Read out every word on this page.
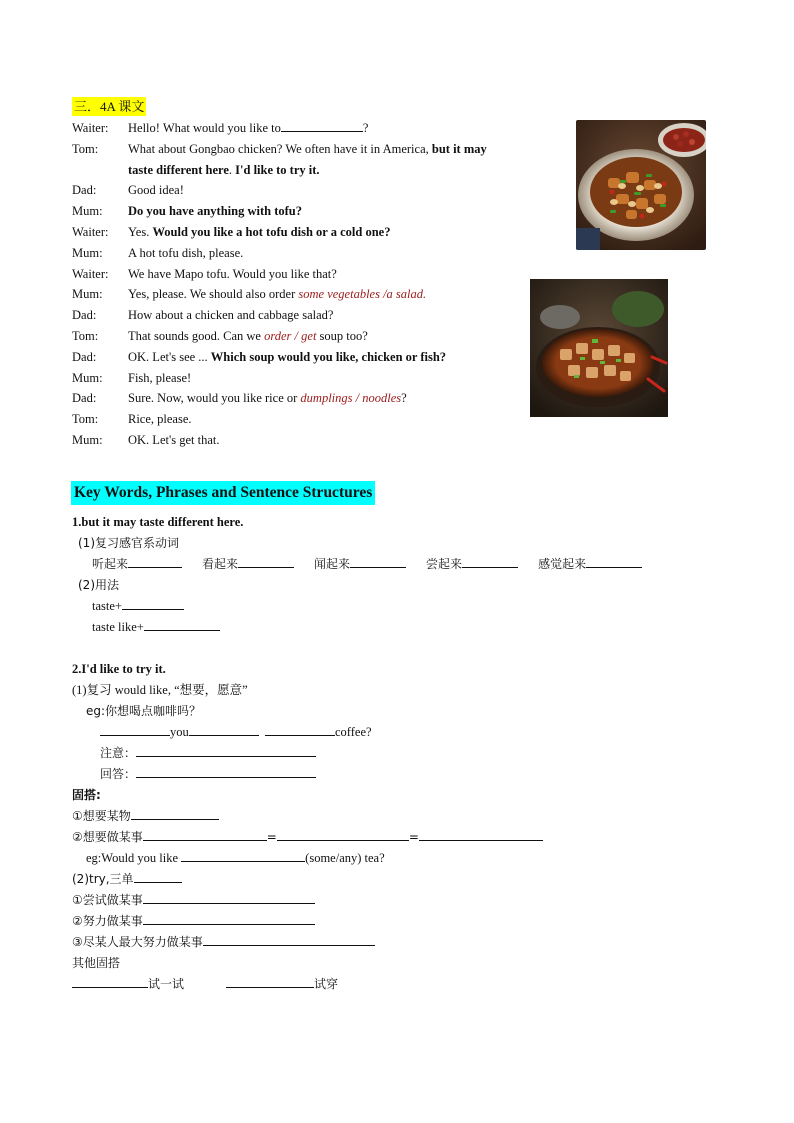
三．4A 课文
Waiter:	Hello! What would you like to	?
Tom:	What about Gongbao chicken? We often have it in America, but it may
taste different here. I'd like to try it.
Dad:	Good idea!
Mum:	Do you have anything with tofu?
Waiter:	Yes. Would you like a hot tofu dish or a cold one?
Mum:	A hot tofu dish, please.
Waiter:	We have Mapo tofu. Would you like that?
Mum:	Yes, please. We should also order some vegetables /a salad.
Dad:	How about a chicken and cabbage salad?
Tom:	That sounds good. Can we order / get soup too?
Dad:	OK. Let's see ... Which soup would you like, chicken or fish?
Mum:	Fish, please!
Dad:	Sure. Now, would you like rice or dumplings / noodles?
Tom:	Rice, please.
Mum:	OK. Let's get that.
Key Words, Phrases and Sentence Structures
1.but it may taste different here.
(1)复习感官系动词
听起来	看起来	闻起来	尝起来	感觉起来
(2)用法
taste+
taste like+
2.I'd like to try it.
(1)复习 would like, “想要，愿意”
eg:你想喝点咖啡吗？
you	coffee?
注意：
回答：
固搭:
①想要某物
②想要做某事	=	=
eg:Would you like	(some/any) tea?
(2)try,三单
①尝试做某事
②努力做某事
③尽某人最大努力做某事
其他固搭
试一试	试穿
